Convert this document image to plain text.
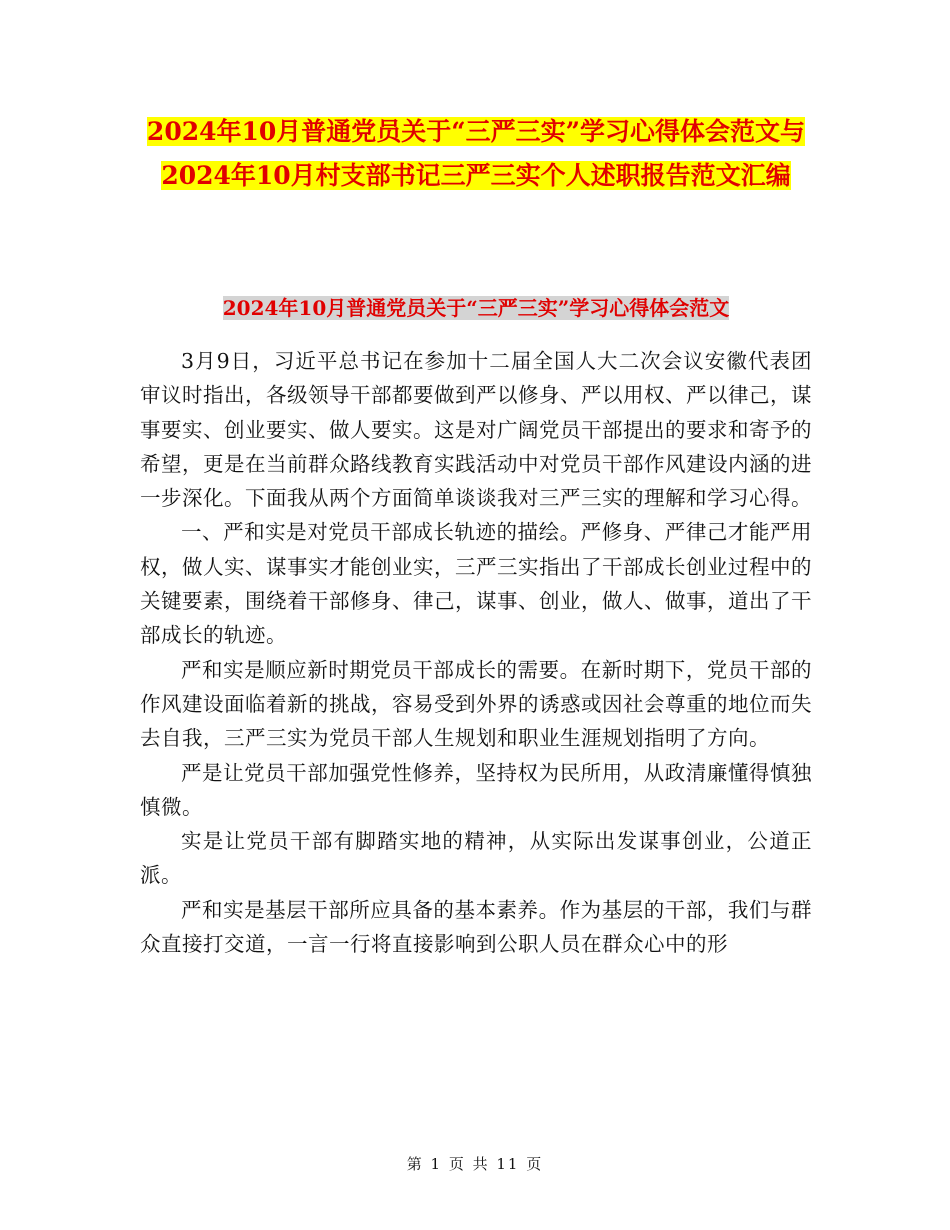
2024年10月普通党员关于“三严三实”学习心得体会范文与2024年10月村支部书记三严三实个人述职报告范文汇编
2024年10月普通党员关于“三严三实”学习心得体会范文

3月9日，习近平总书记在参加十二届全国人大二次会议安徽代表团审议时指出，各级领导干部都要做到严以修身、严以用权、严以律己，谋事要实、创业要实、做人要实。这是对广阔党员干部提出的要求和寄予的希望，更是在当前群众路线教育实践活动中对党员干部作风建设内涵的进一步深化。下面我从两个方面简单谈谈我对三严三实的理解和学习心得。

一、严和实是对党员干部成长轨迹的描绘。严修身、严律己才能严用权，做人实、谋事实才能创业实，三严三实指出了干部成长创业过程中的关键要素，围绕着干部修身、律己，谋事、创业，做人、做事，道出了干部成长的轨迹。

严和实是顺应新时期党员干部成长的需要。在新时期下，党员干部的作风建设面临着新的挑战，容易受到外界的诱惑或因社会尊重的地位而失去自我，三严三实为党员干部人生规划和职业生涯规划指明了方向。

严是让党员干部加强党性修养，坚持权为民所用，从政清廉懂得慎独慎微。

实是让党员干部有脚踏实地的精神，从实际出发谋事创业，公道正派。

严和实是基层干部所应具备的基本素养。作为基层的干部，我们与群众直接打交道，一言一行将直接影响到公职人员在群众心中的形

第 1 页 共 11 页
